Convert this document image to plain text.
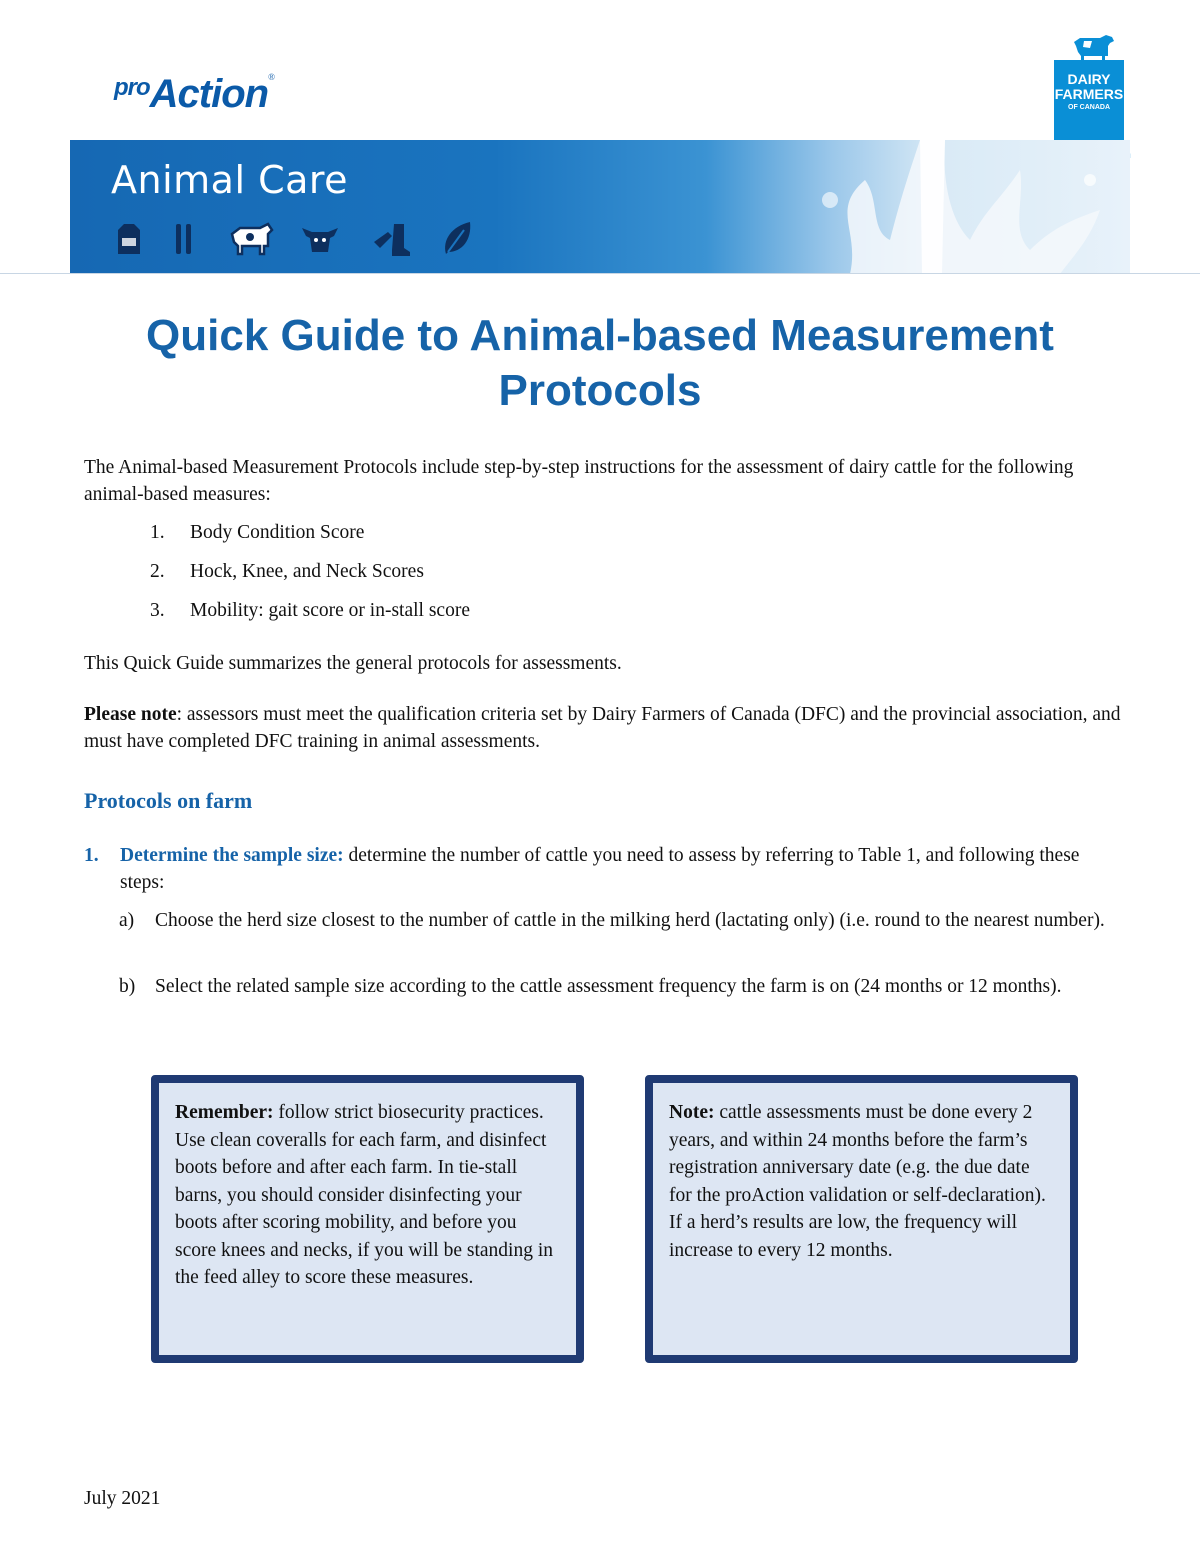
proAction®	DAIRY
FARMERS
OF CANADA
Animal Care
Quick Guide to Animal-based Measurement
Protocols

The Animal-based Measurement Protocols include step-by-step instructions for the assessment of dairy cattle for the following animal-based measures:

1. Body Condition Score
2. Hock, Knee, and Neck Scores
3. Mobility: gait score or in-stall score

This Quick Guide summarizes the general protocols for assessments.

Please note: assessors must meet the qualification criteria set by Dairy Farmers of Canada (DFC) and the provincial association, and must have completed DFC training in animal assessments.

Protocols on farm
1. Determine the sample size: determine the number of cattle you need to assess by referring to Table 1, and following these steps:
a) Choose the herd size closest to the number of cattle in the milking herd (lactating only) (i.e. round to the nearest number).
b) Select the related sample size according to the cattle assessment frequency the farm is on (24 months or 12 months).
Remember: follow strict biosecurity practices. Use clean coveralls for each farm, and disinfect boots before and after each farm. In tie-stall barns, you should consider disinfecting your boots after scoring mobility, and before you score knees and necks, if you will be standing in the feed alley to score these measures.
Note: cattle assessments must be done every 2 years, and within 24 months before the farm’s registration anniversary date (e.g. the due date for the proAction validation or self-declaration). If a herd’s results are low, the frequency will increase to every 12 months.
July 2021
